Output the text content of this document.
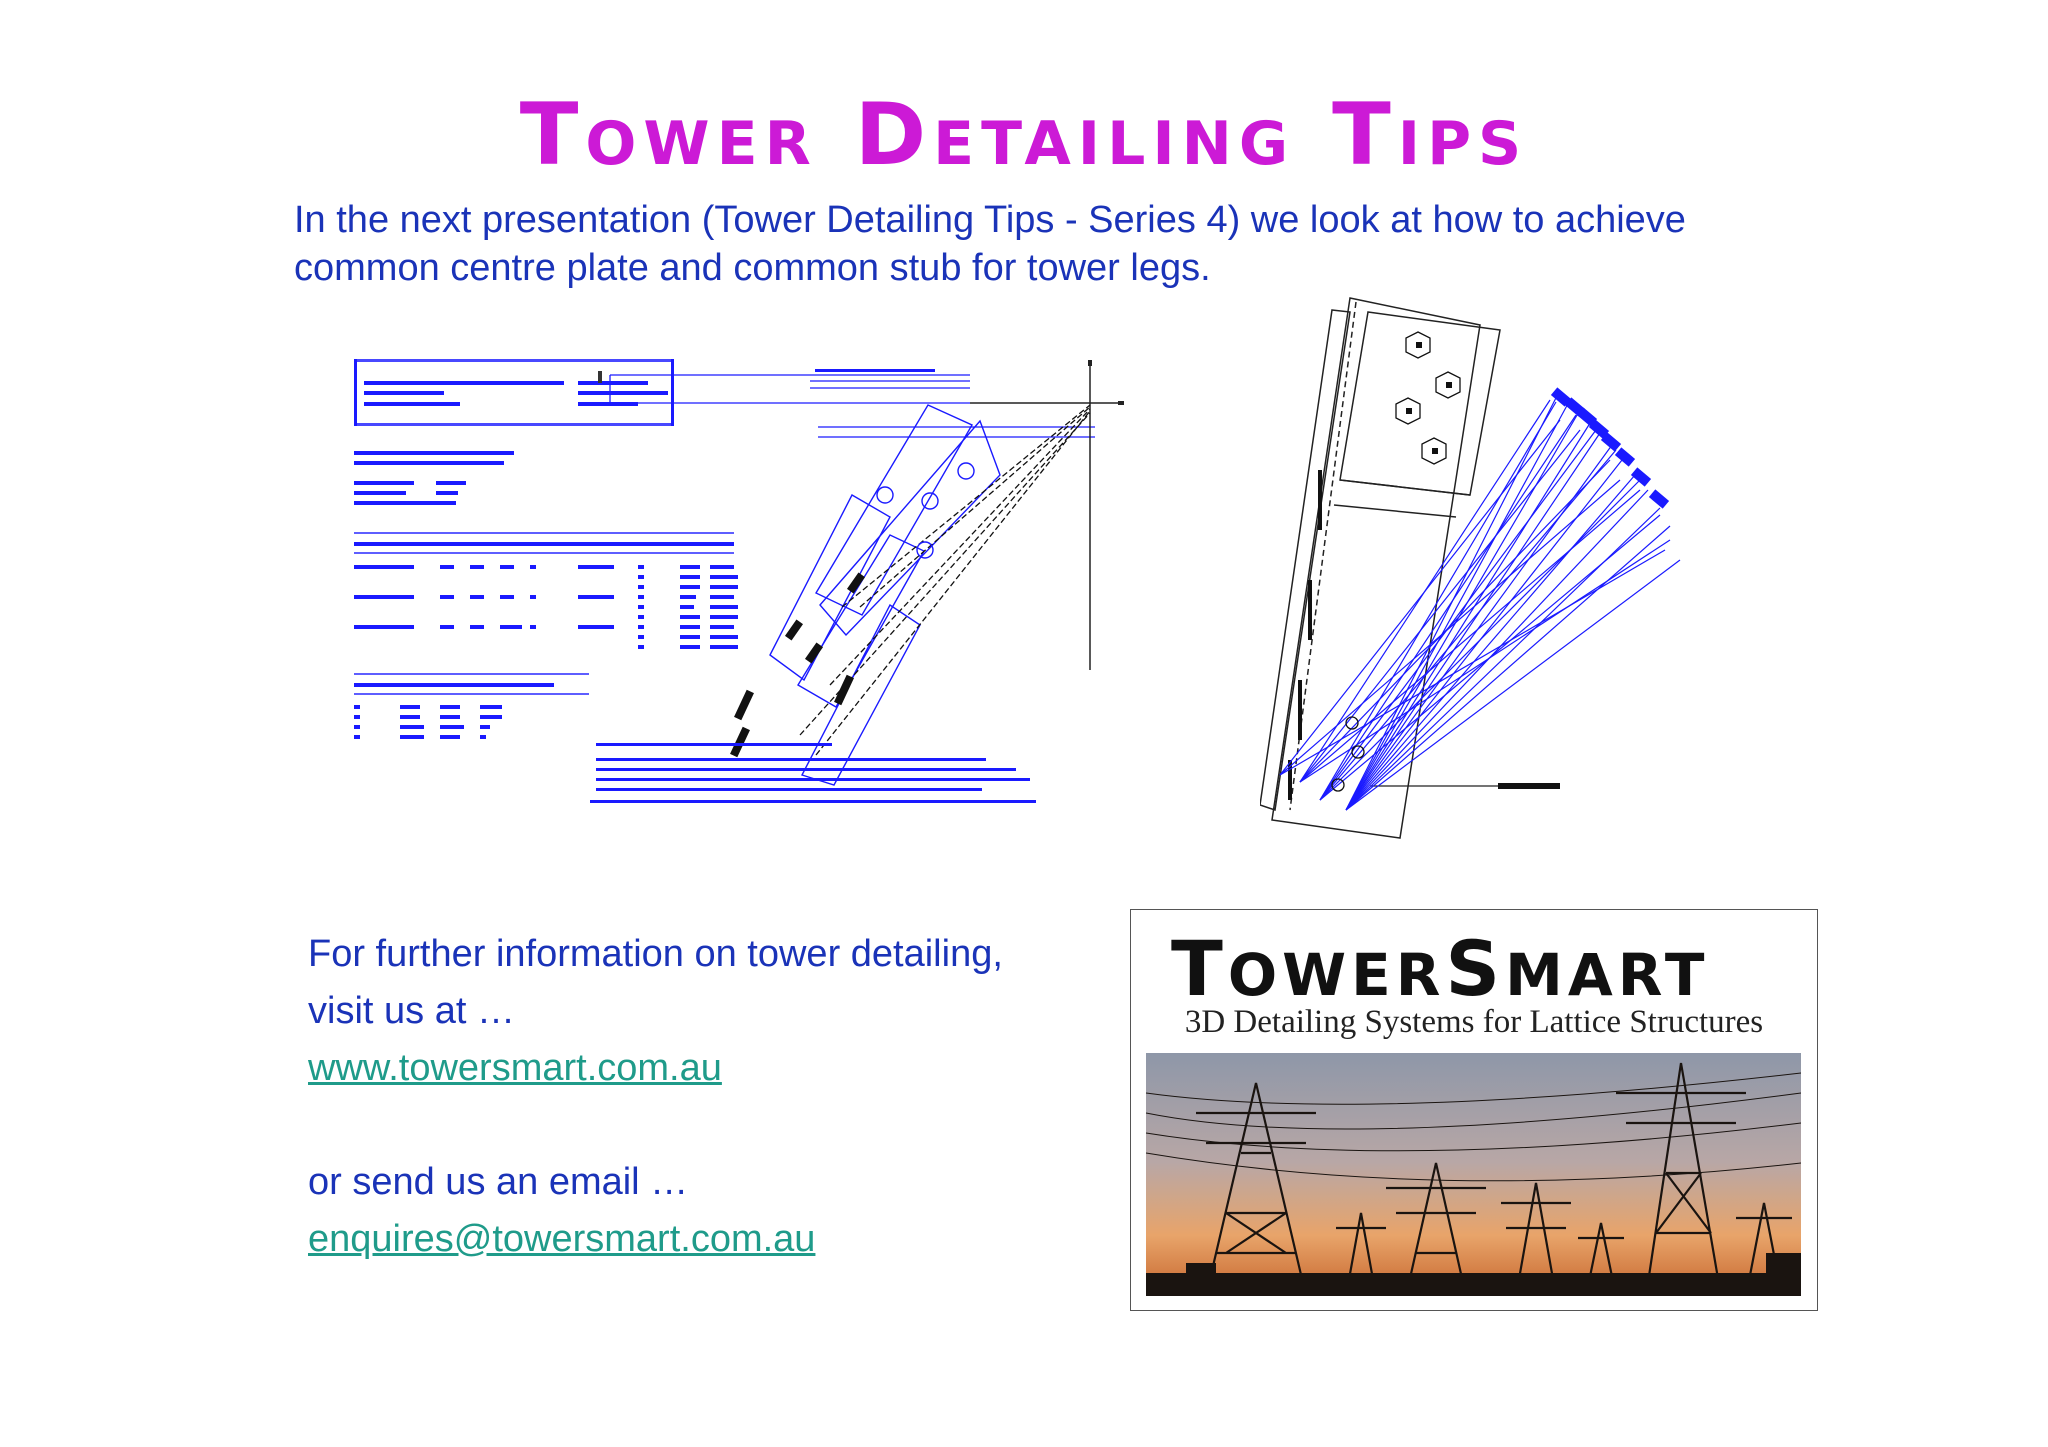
Tower Detailing Tips
In the next presentation (Tower Detailing Tips - Series 4) we look at how to achieve common centre plate and common stub for tower legs.
For further information on tower detailing,
visit us at …
www.towersmart.com.au
or send us an email …
enquires@towersmart.com.au
TOWERSMART
3D Detailing Systems for Lattice Structures
